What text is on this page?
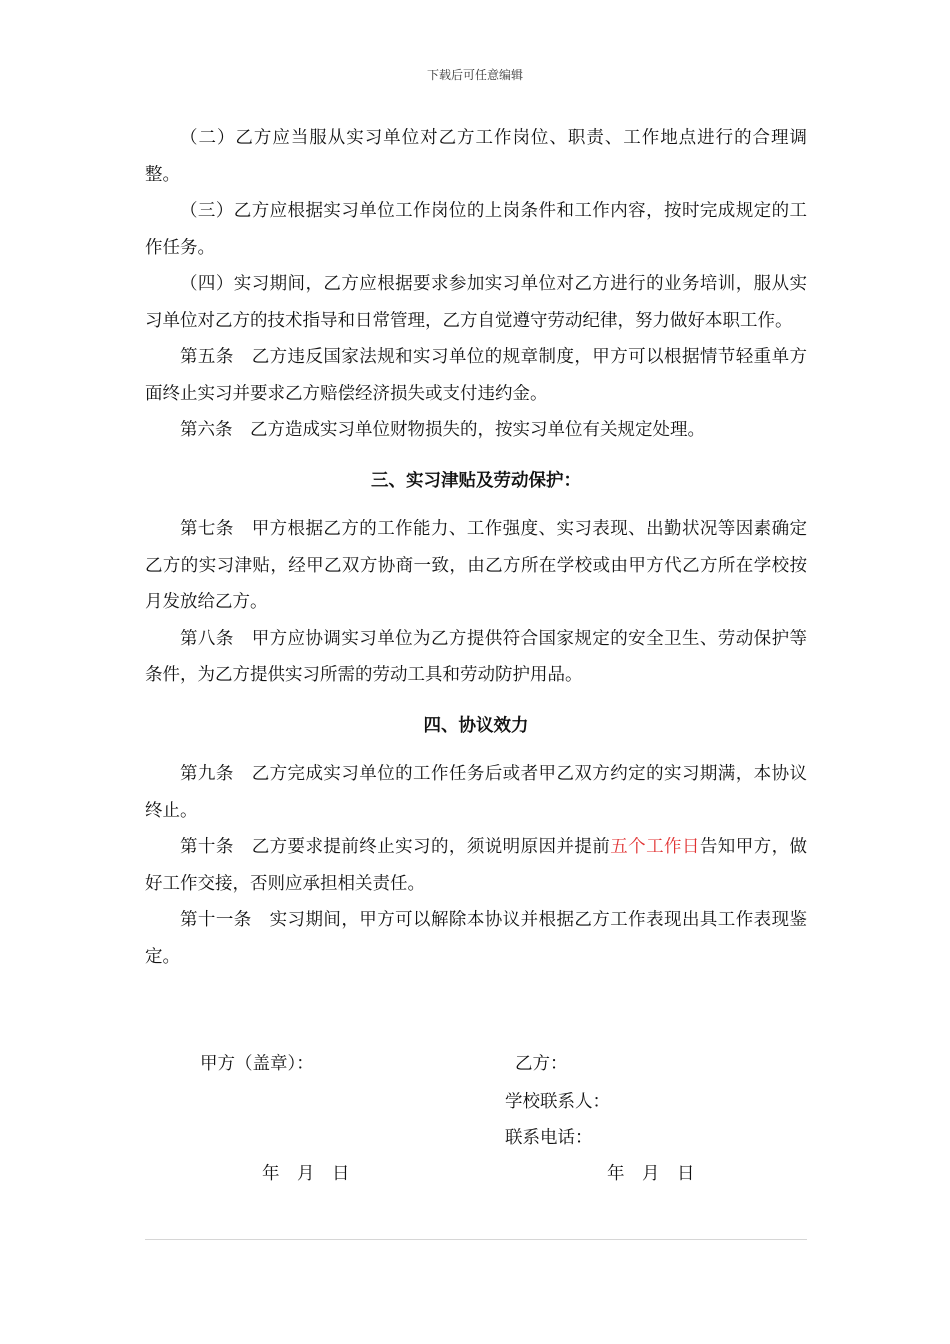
下载后可任意编辑

（二）乙方应当服从实习单位对乙方工作岗位、职责、工作地点进行的合理调整。

（三）乙方应根据实习单位工作岗位的上岗条件和工作内容，按时完成规定的工作任务。

（四）实习期间，乙方应根据要求参加实习单位对乙方进行的业务培训，服从实习单位对乙方的技术指导和日常管理，乙方自觉遵守劳动纪律，努力做好本职工作。

第五条　乙方违反国家法规和实习单位的规章制度，甲方可以根据情节轻重单方面终止实习并要求乙方赔偿经济损失或支付违约金。

第六条　乙方造成实习单位财物损失的，按实习单位有关规定处理。

三、实习津贴及劳动保护：

第七条　甲方根据乙方的工作能力、工作强度、实习表现、出勤状况等因素确定乙方的实习津贴，经甲乙双方协商一致，由乙方所在学校或由甲方代乙方所在学校按月发放给乙方。

第八条　甲方应协调实习单位为乙方提供符合国家规定的安全卫生、劳动保护等条件，为乙方提供实习所需的劳动工具和劳动防护用品。

四、协议效力

第九条　乙方完成实习单位的工作任务后或者甲乙双方约定的实习期满，本协议终止。

第十条　乙方要求提前终止实习的，须说明原因并提前五个工作日告知甲方，做好工作交接，否则应承担相关责任。

第十一条　实习期间，甲方可以解除本协议并根据乙方工作表现出具工作表现鉴定。

甲方（盖章）：	乙方：
学校联系人：
联系电话：
年　月　日	年　月　日
